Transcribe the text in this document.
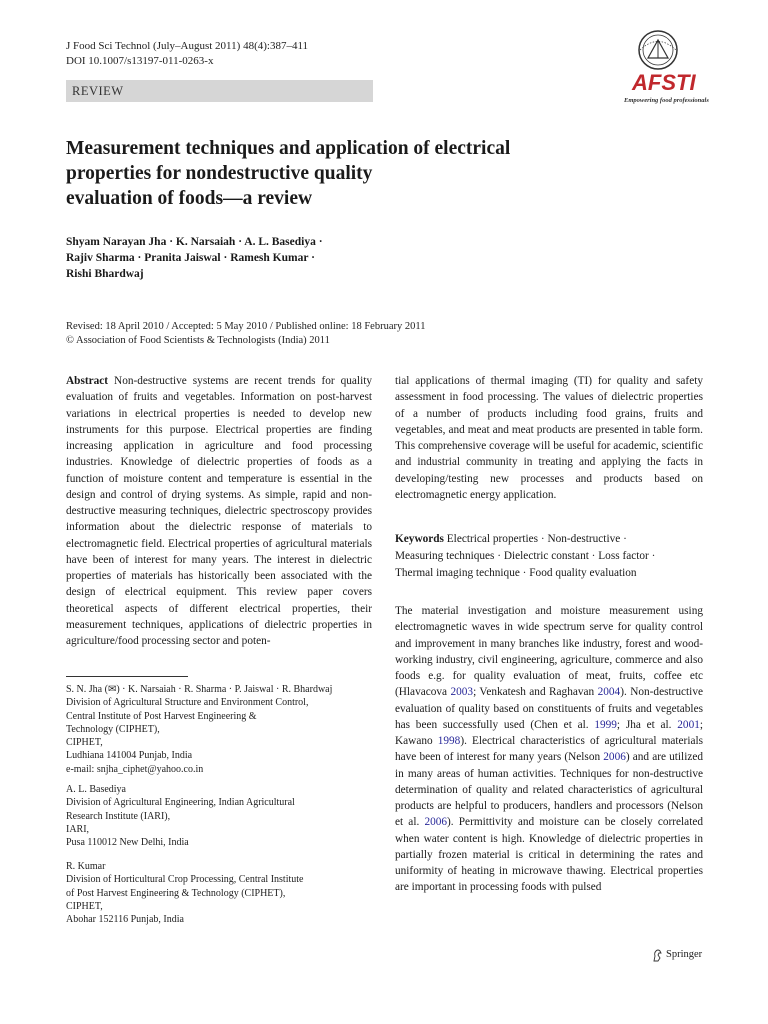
J Food Sci Technol (July–August 2011) 48(4):387–411
DOI 10.1007/s13197-011-0263-x
REVIEW	AFSTI
Empowering food professionals
Measurement techniques and application of electrical
properties for nondestructive quality
evaluation of foods—a review
Shyam Narayan Jha · K. Narsaiah · A. L. Basediya ·
Rajiv Sharma · Pranita Jaiswal · Ramesh Kumar ·
Rishi Bhardwaj
Revised: 18 April 2010 / Accepted: 5 May 2010 / Published online: 18 February 2011
© Association of Food Scientists & Technologists (India) 2011
Abstract Non-destructive systems are recent trends for quality evaluation of fruits and vegetables. Information on post-harvest variations in electrical properties is needed to develop new instruments for this purpose. Electrical properties are finding increasing application in agriculture and food processing industries. Knowledge of dielectric properties of foods as a function of moisture content and temperature is essential in the design and control of drying systems. As simple, rapid and non-destructive measuring techniques, dielectric spectroscopy provides information about the dielectric response of materials to electromagnetic field. Electrical properties of agricultural materials have been of interest for many years. The interest in dielectric properties of materials has historically been associated with the design of electrical equipment. This review paper covers theoretical aspects of different electrical properties, their measurement techniques, applications of dielectric properties in agriculture/food processing sector and poten-
S. N. Jha (✉) · K. Narsaiah · R. Sharma · P. Jaiswal · R. Bhardwaj
Division of Agricultural Structure and Environment Control,
Central Institute of Post Harvest Engineering &
Technology (CIPHET),
CIPHET,
Ludhiana 141004 Punjab, India
e-mail: snjha_ciphet@yahoo.co.in
A. L. Basediya
Division of Agricultural Engineering, Indian Agricultural
Research Institute (IARI),
IARI,
Pusa 110012 New Delhi, India
R. Kumar
Division of Horticultural Crop Processing, Central Institute
of Post Harvest Engineering & Technology (CIPHET),
CIPHET,
Abohar 152116 Punjab, India
tial applications of thermal imaging (TI) for quality and safety assessment in food processing. The values of dielectric properties of a number of products including food grains, fruits and vegetables, and meat and meat products are presented in table form. This comprehensive coverage will be useful for academic, scientific and industrial community in treating and applying the facts in developing/testing new processes and products based on electromagnetic energy application.
Keywords Electrical properties · Non-destructive ·
Measuring techniques · Dielectric constant · Loss factor ·
Thermal imaging technique · Food quality evaluation
The material investigation and moisture measurement using electromagnetic waves in wide spectrum serve for quality control and improvement in many branches like industry, forest and wood-working industry, civil engineering, agriculture, commerce and also foods e.g. for quality evaluation of meat, fruits, coffee etc (Hlavacova 2003; Venkatesh and Raghavan 2004). Non-destructive evaluation of quality based on constituents of fruits and vegetables has been successfully used (Chen et al. 1999; Jha et al. 2001; Kawano 1998). Electrical characteristics of agricultural materials have been of interest for many years (Nelson 2006) and are utilized in many areas of human activities. Techniques for non-destructive determination of quality and related characteristics of agricultural products are helpful to producers, handlers and processors (Nelson et al. 2006). Permittivity and moisture can be closely correlated when water content is high. Knowledge of dielectric properties in partially frozen material is critical in determining the rates and uniformity of heating in microwave thawing. Electrical properties are important in processing foods with pulsed
Springer
